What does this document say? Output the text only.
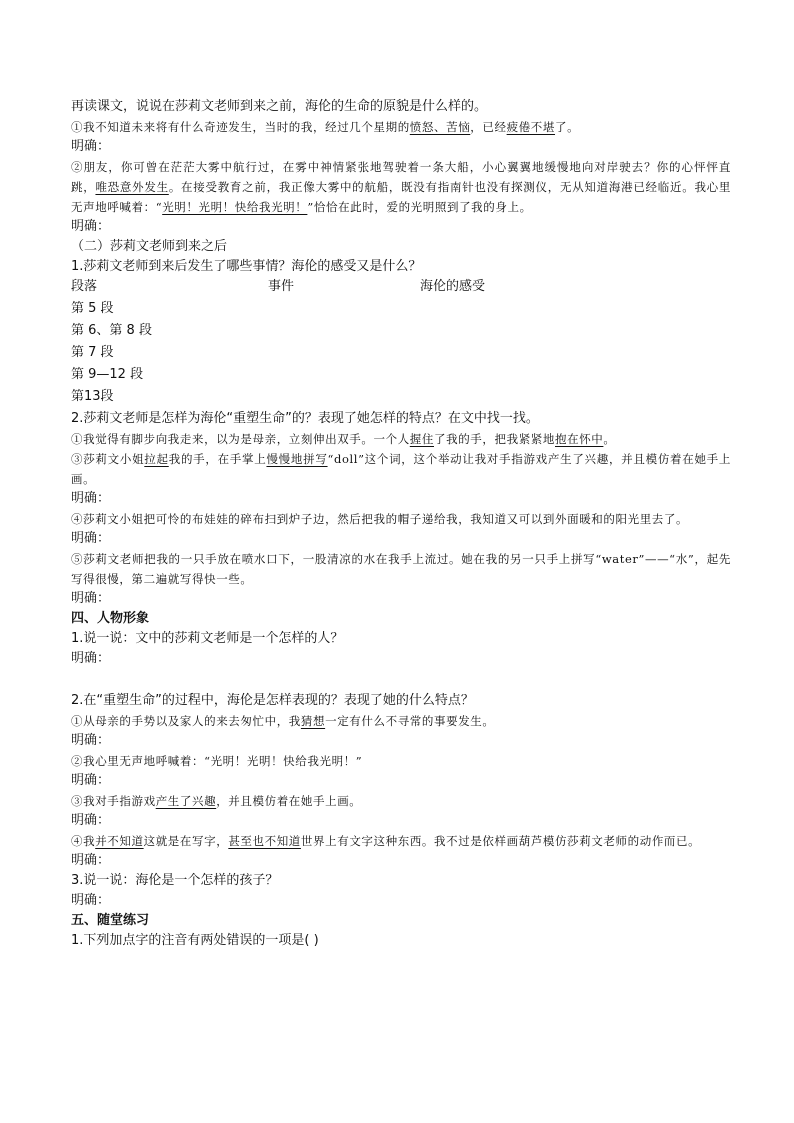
再读课文，说说在莎莉文老师到来之前，海伦的生命的原貌是什么样的。
①我不知道未来将有什么奇迹发生，当时的我，经过几个星期的愤怒、苦恼，已经疲倦不堪了。
明确：
②朋友，你可曾在茫茫大雾中航行过，在雾中神情紧张地驾驶着一条大船，小心翼翼地缓慢地向对岸驶去？你的心怦怦直跳，唯恐意外发生。在接受教育之前，我正像大雾中的航船，既没有指南针也没有探测仪，无从知道海港已经临近。我心里无声地呼喊着：“光明！光明！快给我光明！”恰恰在此时，爱的光明照到了我的身上。
明确：
（二）莎莉文老师到来之后
1.莎莉文老师到来后发生了哪些事情？海伦的感受又是什么？
段落	事件	海伦的感受
第 5 段
第 6、第 8 段
第 7 段
第 9—12 段
第13段
2.莎莉文老师是怎样为海伦“重塑生命”的？表现了她怎样的特点？在文中找一找。
①我觉得有脚步向我走来，以为是母亲，立刻伸出双手。一个人握住了我的手，把我紧紧地抱在怀中。
③莎莉文小姐拉起我的手，在手掌上慢慢地拼写“doll”这个词，这个举动让我对手指游戏产生了兴趣，并且模仿着在她手上画。
明确：
④莎莉文小姐把可怜的布娃娃的碎布扫到炉子边，然后把我的帽子递给我，我知道又可以到外面暖和的阳光里去了。
明确：
⑤莎莉文老师把我的一只手放在喷水口下，一股清凉的水在我手上流过。她在我的另一只手上拼写“water”——“水”，起先写得很慢，第二遍就写得快一些。
明确：
四、人物形象
1.说一说：文中的莎莉文老师是一个怎样的人？
明确：
2.在“重塑生命”的过程中，海伦是怎样表现的？表现了她的什么特点？
①从母亲的手势以及家人的来去匆忙中，我猜想一定有什么不寻常的事要发生。
明确：
②我心里无声地呼喊着：“光明！光明！快给我光明！”
明确：
③我对手指游戏产生了兴趣，并且模仿着在她手上画。
明确：
④我并不知道这就是在写字，甚至也不知道世界上有文字这种东西。我不过是依样画葫芦模仿莎莉文老师的动作而已。
明确：
3.说一说：海伦是一个怎样的孩子？
明确：
五、随堂练习
1.下列加点字的注音有两处错误的一项是( )
